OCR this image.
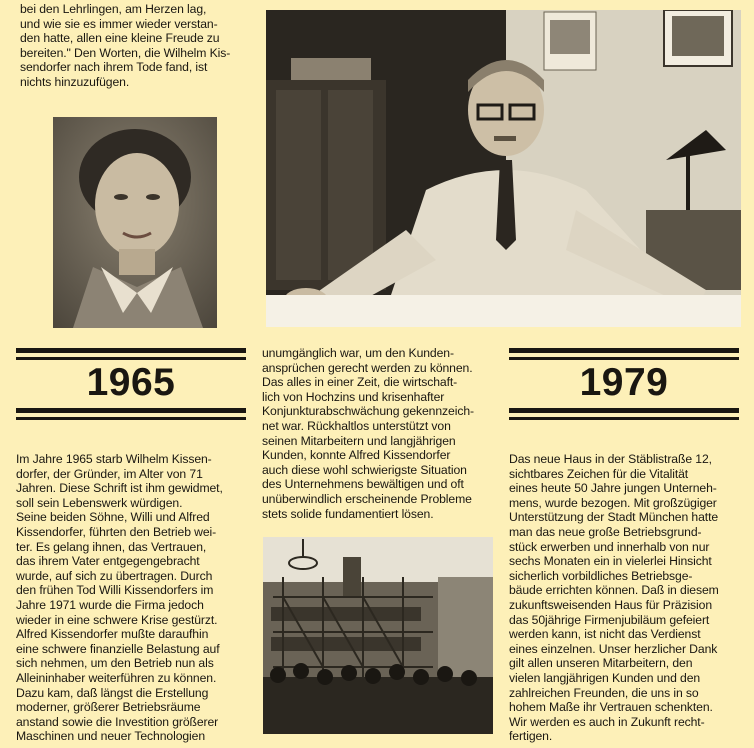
bei den Lehrlingen, am Herzen lag,
und wie sie es immer wieder verstan-
den hatte, allen eine kleine Freude zu
bereiten." Den Worten, die Wilhelm Kis-
sendorfer nach ihrem Tode fand, ist
nichts hinzuzufügen.
1965	1979
Im Jahre 1965 starb Wilhelm Kissen-
dorfer, der Gründer, im Alter von 71
Jahren. Diese Schrift ist ihm gewidmet,
soll sein Lebenswerk würdigen.
Seine beiden Söhne, Willi und Alfred
Kissendorfer, führten den Betrieb wei-
ter. Es gelang ihnen, das Vertrauen,
das ihrem Vater entgegengebracht
wurde, auf sich zu übertragen. Durch
den frühen Tod Willi Kissendorfers im
Jahre 1971 wurde die Firma jedoch
wieder in eine schwere Krise gestürzt.
Alfred Kissendorfer mußte daraufhin
eine schwere finanzielle Belastung auf
sich nehmen, um den Betrieb nun als
Alleininhaber weiterführen zu können.
Dazu kam, daß längst die Erstellung
moderner, größerer Betriebsräume
anstand sowie die Investition größerer
Maschinen und neuer Technologien
unumgänglich war, um den Kunden-
ansprüchen gerecht werden zu können.
Das alles in einer Zeit, die wirtschaft-
lich von Hochzins und krisenhafter
Konjunkturabschwächung gekennzeich-
net war. Rückhaltlos unterstützt von
seinen Mitarbeitern und langjährigen
Kunden, konnte Alfred Kissendorfer
auch diese wohl schwierigste Situation
des Unternehmens bewältigen und oft
unüberwindlich erscheinende Probleme
stets solide fundamentiert lösen.
Das neue Haus in der Stäblistraße 12,
sichtbares Zeichen für die Vitalität
eines heute 50 Jahre jungen Unterneh-
mens, wurde bezogen. Mit großzügiger
Unterstützung der Stadt München hatte
man das neue große Betriebsgrund-
stück erwerben und innerhalb von nur
sechs Monaten ein in vielerlei Hinsicht
sicherlich vorbildliches Betriebsge-
bäude errichten können. Daß in diesem
zukunftsweisenden Haus für Präzision
das 50jährige Firmenjubiläum gefeiert
werden kann, ist nicht das Verdienst
eines einzelnen. Unser herzlicher Dank
gilt allen unseren Mitarbeitern, den
vielen langjährigen Kunden und den
zahlreichen Freunden, die uns in so
hohem Maße ihr Vertrauen schenkten.
Wir werden es auch in Zukunft recht-
fertigen.
